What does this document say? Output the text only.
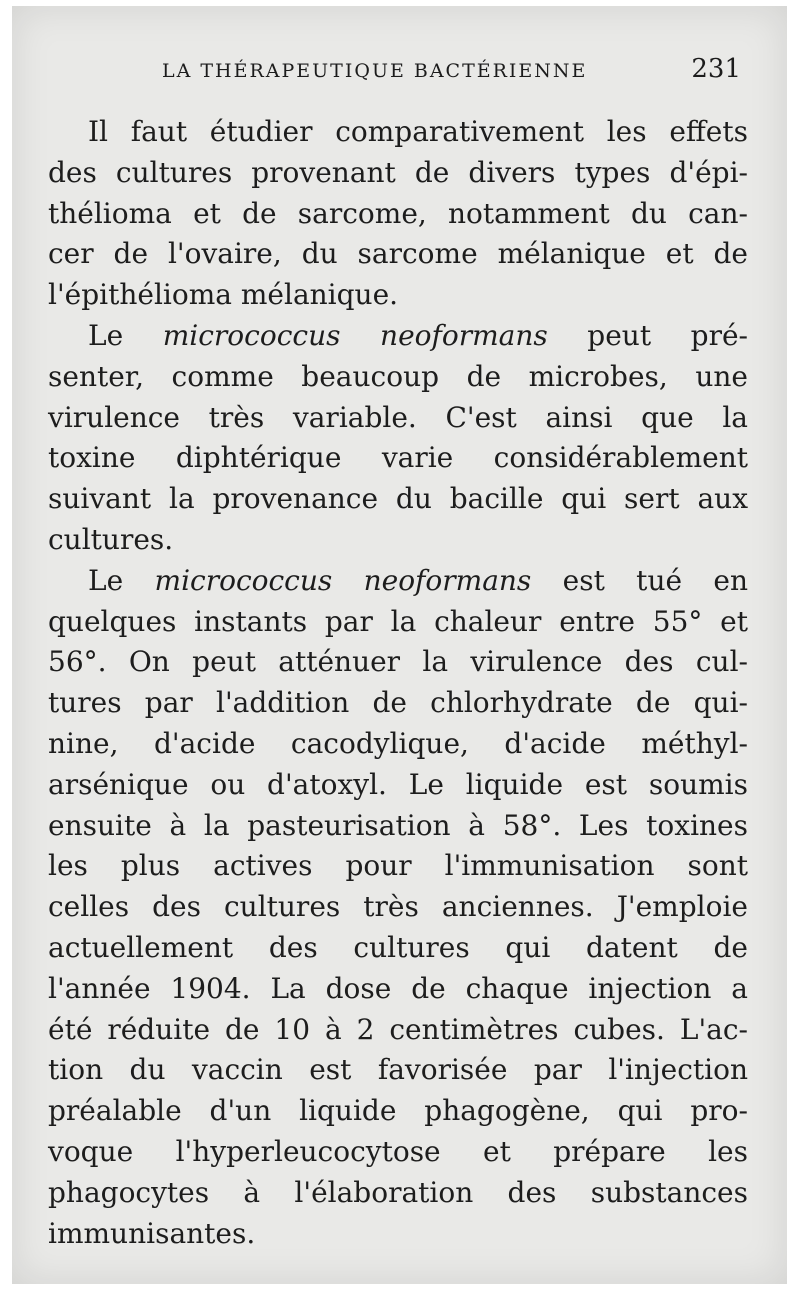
LA THÉRAPEUTIQUE BACTÉRIENNE	231
Il faut étudier comparativement les effets
des cultures provenant de divers types d'épi-
thélioma et de sarcome, notamment du can-
cer de l'ovaire, du sarcome mélanique et de
l'épithélioma mélanique.
Le micrococcus neoformans peut pré-
senter, comme beaucoup de microbes, une
virulence très variable. C'est ainsi que la
toxine diphtérique varie considérablement
suivant la provenance du bacille qui sert aux
cultures.
Le micrococcus neoformans est tué en
quelques instants par la chaleur entre 55° et
56°. On peut atténuer la virulence des cul-
tures par l'addition de chlorhydrate de qui-
nine, d'acide cacodylique, d'acide méthyl-
arsénique ou d'atoxyl. Le liquide est soumis
ensuite à la pasteurisation à 58°. Les toxines
les plus actives pour l'immunisation sont
celles des cultures très anciennes. J'emploie
actuellement des cultures qui datent de
l'année 1904. La dose de chaque injection a
été réduite de 10 à 2 centimètres cubes. L'ac-
tion du vaccin est favorisée par l'injection
préalable d'un liquide phagogène, qui pro-
voque l'hyperleucocytose et prépare les
phagocytes à l'élaboration des substances
immunisantes.
